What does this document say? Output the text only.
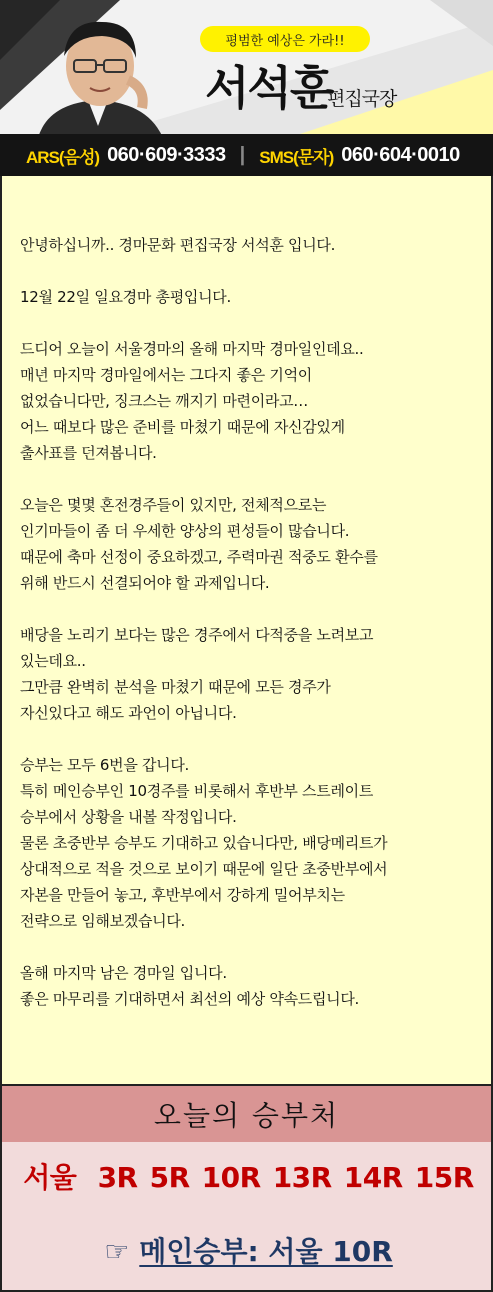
평범한 예상은 가라!!
서석훈
편집국장
ARS(음성) 060·609·3333 | SMS(문자) 060·604·0010
안녕하십니까.. 경마문화 편집국장 서석훈 입니다.
12월 22일 일요경마 총평입니다.
드디어 오늘이 서울경마의 올해 마지막 경마일인데요..
매년 마지막 경마일에서는 그다지 좋은 기억이
없었습니다만, 징크스는 깨지기 마련이라고…
어느 때보다 많은 준비를 마쳤기 때문에 자신감있게
출사표를 던져봅니다.
오늘은 몇몇 혼전경주들이 있지만, 전체적으로는
인기마들이 좀 더 우세한 양상의 편성들이 많습니다.
때문에 축마 선정이 중요하겠고, 주력마권 적중도 환수를
위해 반드시 선결되어야 할 과제입니다.
배당을 노리기 보다는 많은 경주에서 다적중을 노려보고
있는데요..
그만큼 완벽히 분석을 마쳤기 때문에 모든 경주가
자신있다고 해도 과언이 아닙니다.
승부는 모두 6번을 갑니다.
특히 메인승부인 10경주를 비롯해서 후반부 스트레이트
승부에서 상황을 내볼 작정입니다.
물론 초중반부 승부도 기대하고 있습니다만, 배당메리트가
상대적으로 적을 것으로 보이기 때문에 일단 초중반부에서
자본을 만들어 놓고, 후반부에서 강하게 밀어부치는
전략으로 임해보겠습니다.
올해 마지막 남은 경마일 입니다.
좋은 마무리를 기대하면서 최선의 예상 약속드립니다.
오늘의 승부처
서울 3R 5R 10R 13R 14R 15R
☞ 메인승부: 서울 10R
